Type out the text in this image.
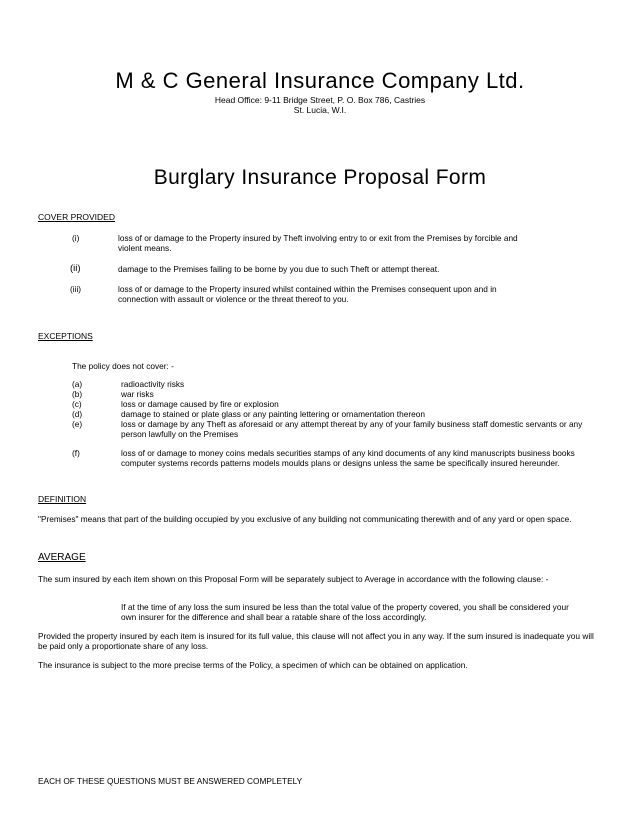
M & C General Insurance Company Ltd.
Head Office: 9-11 Bridge Street, P. O. Box 786, Castries
St. Lucia, W.I.
Burglary Insurance Proposal Form
COVER PROVIDED
(i)	loss of or damage to the Property insured by Theft involving entry to or exit from the Premises by forcible and
violent means.
(ii)	damage to the Premises failing to be borne by you due to such Theft or attempt thereat.
(iii)	loss of or damage to the Property insured whilst contained within the Premises consequent upon and in
connection with assault or violence or the threat thereof to you.
EXCEPTIONS
The policy does not cover: -
(a)	radioactivity risks
(b)	war risks
(c)	loss or damage caused by fire or explosion
(d)	damage to stained or plate glass or any painting lettering or ornamentation thereon
(e)	loss or damage by any Theft as aforesaid or any attempt thereat by any of your family business staff domestic servants or any
person lawfully on the Premises
(f)	loss of or damage to money coins medals securities stamps of any kind documents of any kind manuscripts business books
computer systems records patterns models moulds plans or designs unless the same be specifically insured hereunder.
DEFINITION
"Premises" means that part of the building occupied by you exclusive of any building not communicating therewith and of any yard or open space.
AVERAGE
The sum insured by each item shown on this Proposal Form will be separately subject to Average in accordance with the following clause: -
If at the time of any loss the sum insured be less than the total value of the property covered, you shall be considered your
own insurer for the difference and shall bear a ratable share of the loss accordingly.
Provided the property insured by each item is insured for its full value, this clause will not affect you in any way. If the sum insured is inadequate you will
be paid only a proportionate share of any loss.
The insurance is subject to the more precise terms of the Policy, a specimen of which can be obtained on application.
EACH OF THESE QUESTIONS MUST BE ANSWERED COMPLETELY
